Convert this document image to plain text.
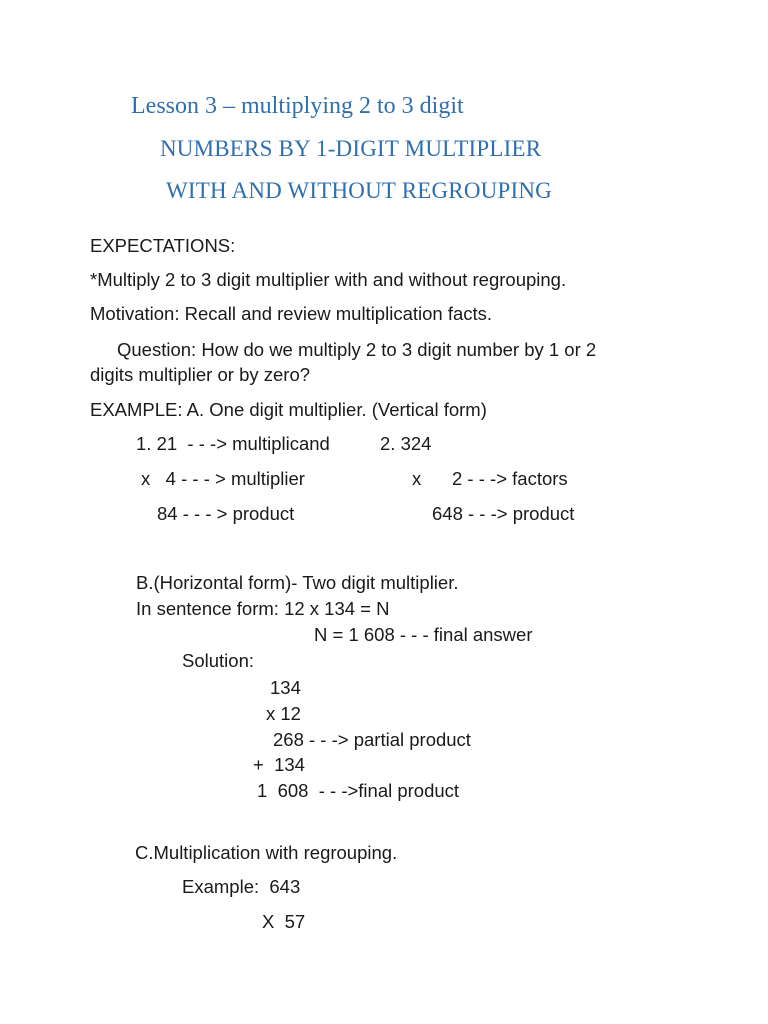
Lesson 3 – multiplying 2 to 3 digit
NUMBERS BY 1-DIGIT MULTIPLIER
WITH AND WITHOUT REGROUPING
EXPECTATIONS:
*Multiply 2 to 3 digit multiplier with and without regrouping.
Motivation: Recall and review multiplication facts.
Question: How do we multiply 2 to 3 digit number by 1 or 2
digits multiplier or by zero?
EXAMPLE: A. One digit multiplier. (Vertical form)
1. 21  - - -> multiplicand
x   4 - - - > multiplier
84 - - - > product
2. 324
x 2 - - -> factors
648 - - -> product
B.(Horizontal form)- Two digit multiplier.
In sentence form: 12 x 134 = N
N = 1 608 - - - final answer
Solution:
134
x 12
268 - - -> partial product
+  134
1  608  - - ->final product
C.Multiplication with regrouping.
Example:  643
X  57
